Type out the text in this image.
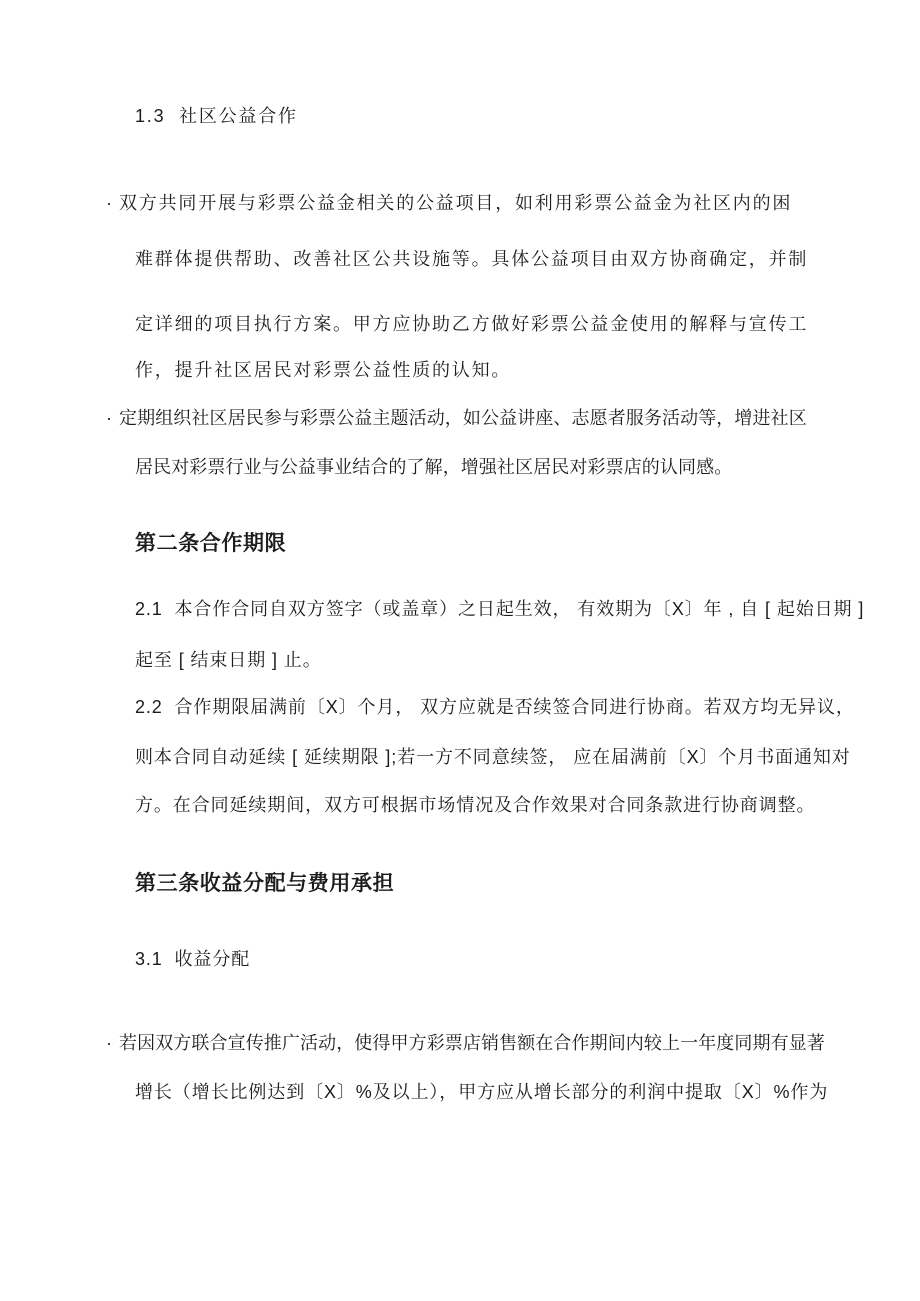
1.3  社区公益合作
· 双方共同开展与彩票公益金相关的公益项目，如利用彩票公益金为社区内的困
难群体提供帮助、改善社区公共设施等。具体公益项目由双方协商确定，并制
定详细的项目执行方案。甲方应协助乙方做好彩票公益金使用的解释与宣传工
作，提升社区居民对彩票公益性质的认知。
· 定期组织社区居民参与彩票公益主题活动，如公益讲座、志愿者服务活动等，增进社区
居民对彩票行业与公益事业结合的了解，增强社区居民对彩票店的认同感。
第二条合作期限
2.1  本合作合同自双方签字（或盖章）之日起生效， 有效期为〔X〕年 , 自 [ 起始日期 ]
起至 [ 结束日期 ] 止。
2.2  合作期限届满前〔X〕个月， 双方应就是否续签合同进行协商。若双方均无异议，
则本合同自动延续 [ 延续期限 ];若一方不同意续签， 应在届满前〔X〕个月书面通知对
方。在合同延续期间，双方可根据市场情况及合作效果对合同条款进行协商调整。
第三条收益分配与费用承担
3.1  收益分配
· 若因双方联合宣传推广活动，使得甲方彩票店销售额在合作期间内较上一年度同期有显著
增长（增长比例达到〔X〕%及以上），甲方应从增长部分的利润中提取〔X〕%作为
